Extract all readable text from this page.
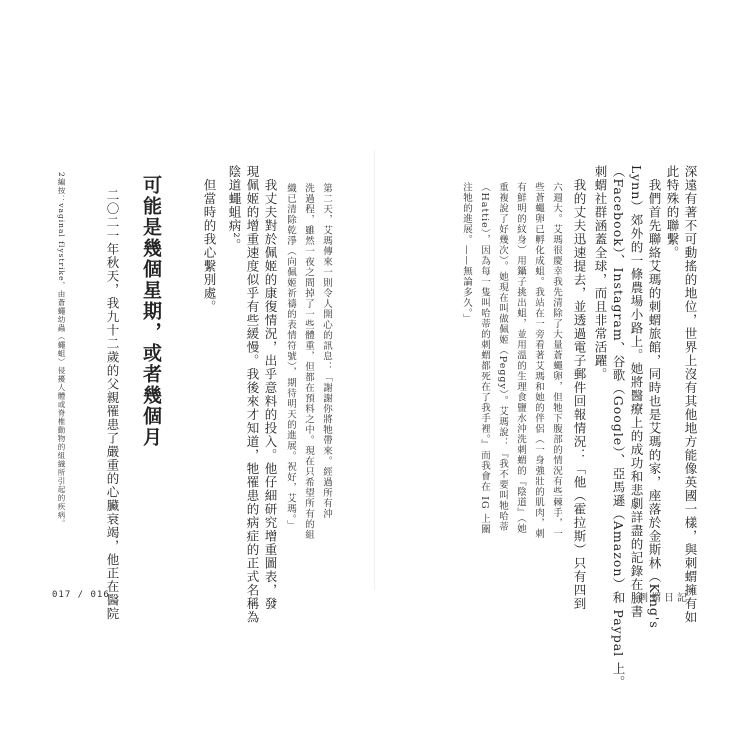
深遠有著不可動搖的地位，世界上沒有其他地方能像英國一樣，與刺蝟擁有如
此特殊的聯繫。
　我們首先聯絡艾瑪的刺蝟旅館，同時也是艾瑪的家，座落於金斯林（King's
Lynn）郊外的一條農場小路上。她將醫療上的成功和悲劇詳盡的記錄在臉書
（Facebook）、Instagram、谷歌（Google）、亞馬遜（Amazon）和 Paypal 上。
刺蝟社群涵蓋全球，而且非常活躍。
　我的丈夫迅速提去，並透過電子郵件回報情況：「他（霍拉斯）只有四到
六週大。艾瑪很慶幸我先清除了大量蒼蠅卵，但牠下腹部的情況有些棘手，一
些蒼蠅卵已孵化成蛆。我站在一旁看著艾瑪和她的伴侶（一身強壯的肌肉，刺
有鮮明的紋身）用鑷子挑出蛆，並用溫的生理食鹽水沖洗刺蝟的『陰道』（她
重複說了好幾次）。她現在叫做佩姬（Peggy）。艾瑪說：『我不要叫牠哈蒂
（Hattie），因為每一隻叫哈蒂的刺蝟都死在了我手裡。』而我會在 IG 上關
注牠的進展。——無論多久。」
刺蝟日記
第二天，艾瑪傳來一則令人開心的訊息：「謝謝你將牠帶來。經過所有沖
洗過程，雖然一夜之間掉了一些體重，但都在預料之中。現在只希望所有的組
織已清除乾淨（向佩姬祈禱的表情符號），期待明天的進展。祝好，艾瑪。」
　我丈夫對於佩姬的康復情況，出乎意料的投入。他仔細研究增重圖表，發
現佩姬的增重速度似乎有些緩慢。我後來才知道，牠罹患的病症的正式名稱為
陰道蠅蛆病²。
　但當時的我心繫別處。
可能是幾個星期，或者幾個月
　二〇二一年秋天，我九十二歲的父親罹患了嚴重的心臟衰竭，他正在醫院
2編按：vaginal flystrike，由蒼蠅幼蟲（蠅蛆）侵擾人體或脊椎動物的組織所引起的疾病。
017 / 016
